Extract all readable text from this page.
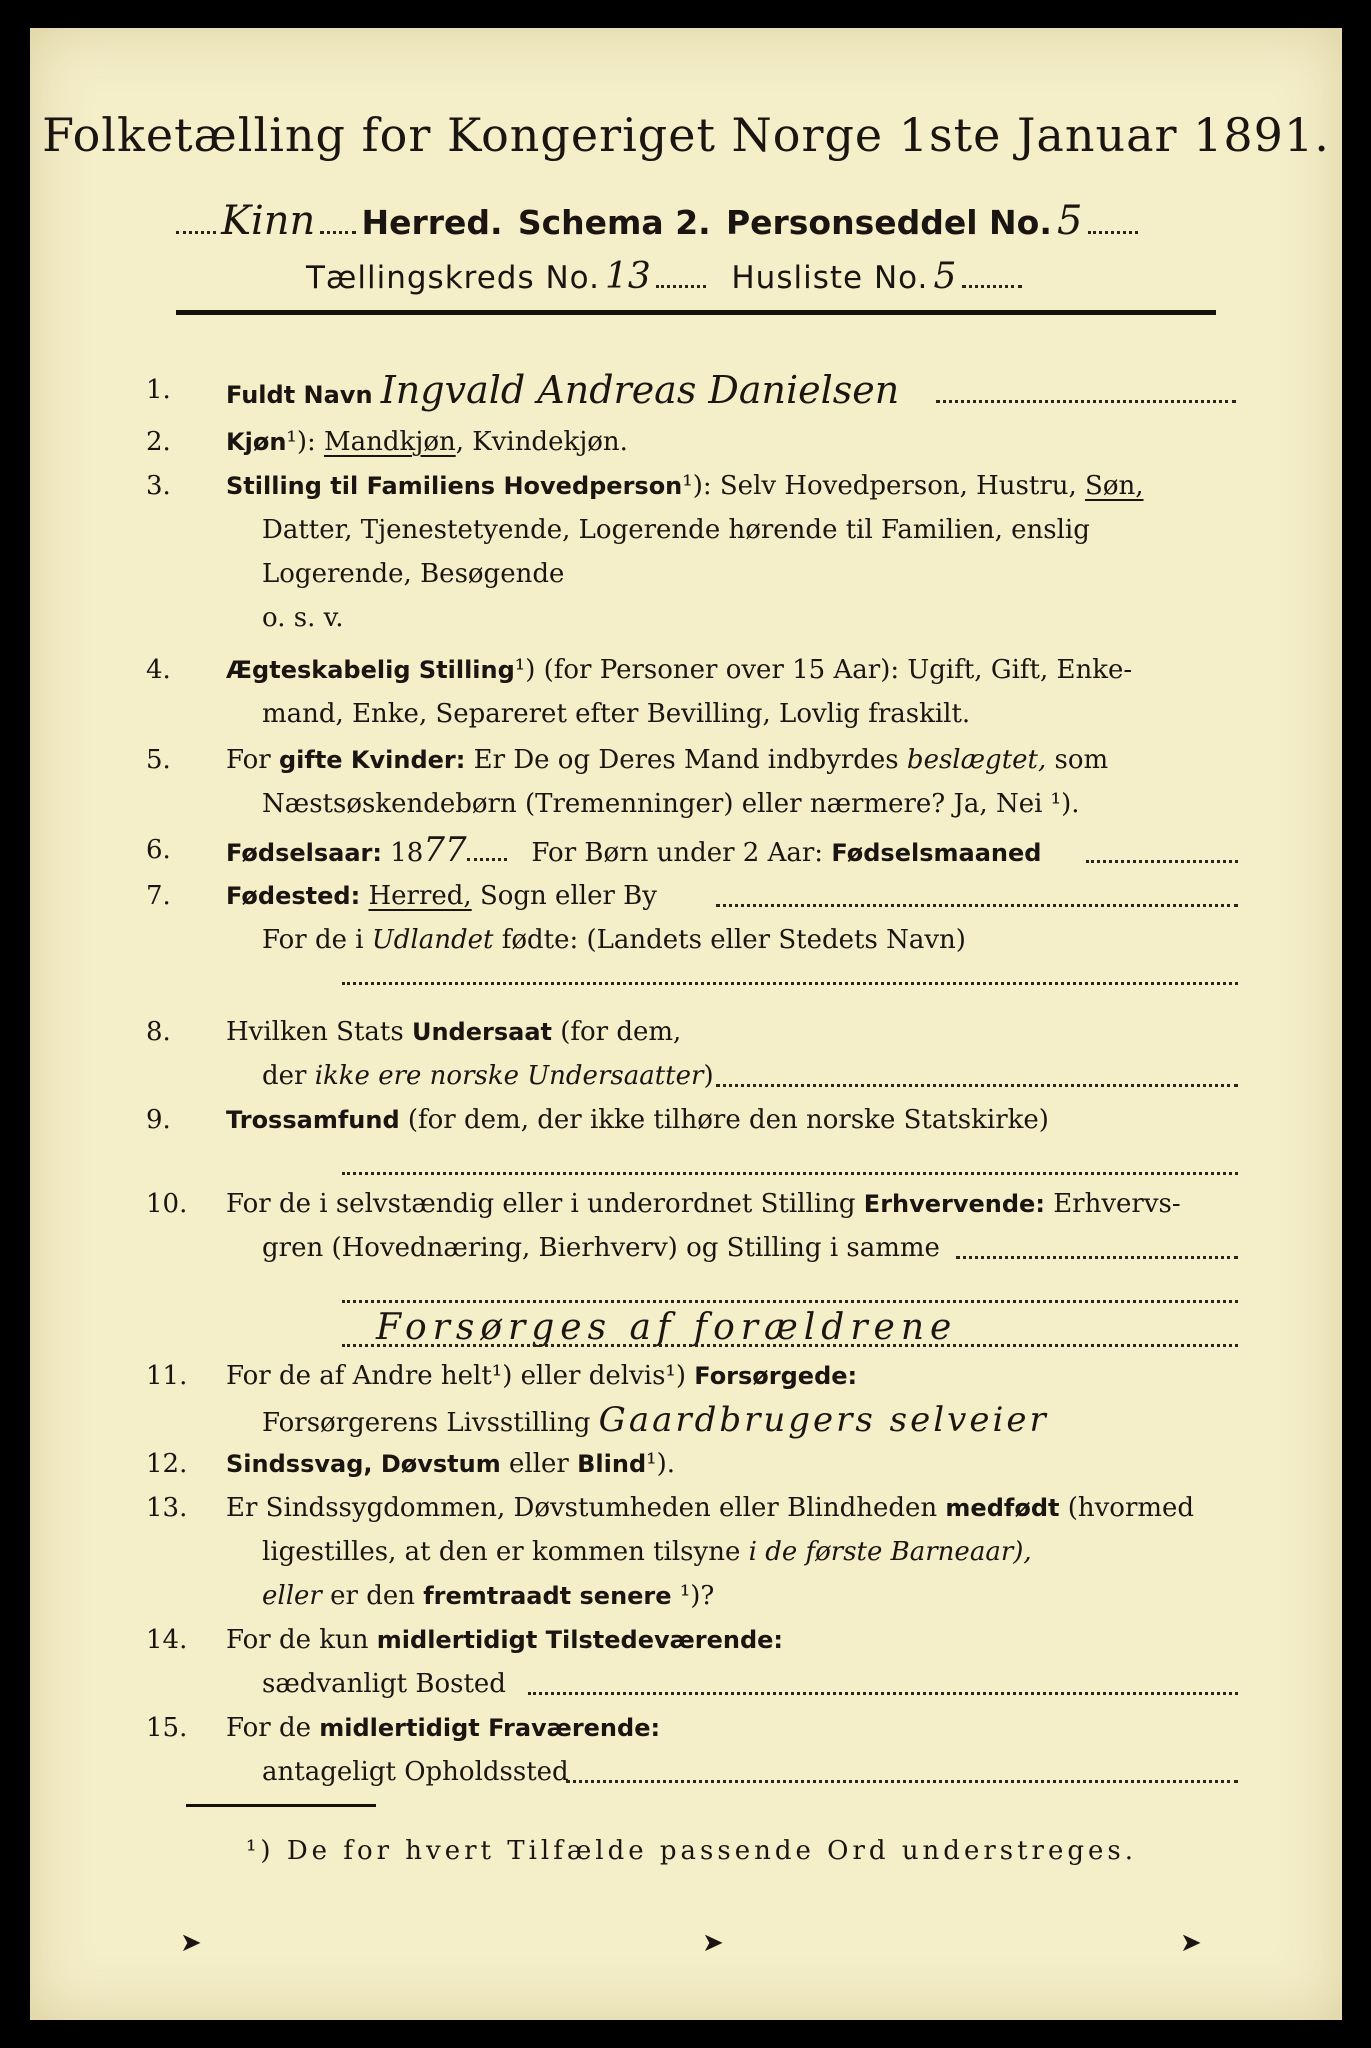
Folketælling for Kongeriget Norge 1ste Januar 1891.
Kinn Herred. Schema 2. Personseddel No. 5
Tællingskreds No. 13	Husliste No. 5
1.	Fuldt Navn Ingvald Andreas Danielsen
2.	Kjøn¹): Mandkjøn, Kvindekjøn.
3.	Stilling til Familiens Hovedperson¹): Selv Hovedperson, Hustru, Søn,
Datter, Tjenestetyende, Logerende hørende til Familien, enslig
Logerende, Besøgende
o. s. v.
4.	Ægteskabelig Stilling¹) (for Personer over 15 Aar): Ugift, Gift, Enke-
mand, Enke, Separeret efter Bevilling, Lovlig fraskilt.
5.	For gifte Kvinder: Er De og Deres Mand indbyrdes beslægtet, som
Næstsøskendebørn (Tremenninger) eller nærmere? Ja, Nei ¹).
6.	Fødselsaar: 1877 For Børn under 2 Aar: Fødselsmaaned
7.	Fødested: Herred, Sogn eller By
For de i Udlandet fødte: (Landets eller Stedets Navn)
8.	Hvilken Stats Undersaat (for dem,
der ikke ere norske Undersaatter)
9.	Trossamfund (for dem, der ikke tilhøre den norske Statskirke)
10.	For de i selvstændig eller i underordnet Stilling Erhvervende: Erhvervs-
gren (Hovednæring, Bierhverv) og Stilling i samme
Forsørges af forældrene
11.	For de af Andre helt¹) eller delvis¹) Forsørgede:
Forsørgerens Livsstilling Gaardbrugers selveier
12.	Sindssvag, Døvstum eller Blind¹).
13.	Er Sindssygdommen, Døvstumheden eller Blindheden medfødt (hvormed
ligestilles, at den er kommen tilsyne i de første Barneaar),
eller er den fremtraadt senere ¹)?
14.	For de kun midlertidigt Tilstedeværende:
sædvanligt Bosted
15.	For de midlertidigt Fraværende:
antageligt Opholdssted
¹) De for hvert Tilfælde passende Ord understreges.
➤	➤	➤
